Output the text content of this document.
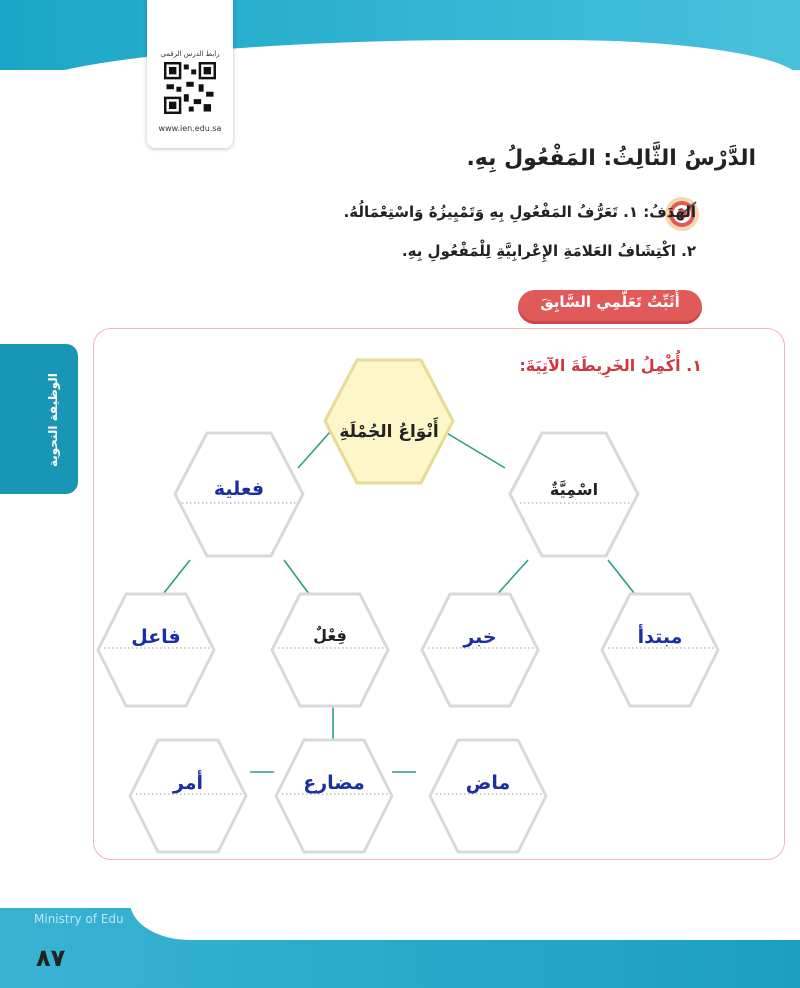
رابط الدرس الرقمي
www.ien.edu.sa
الوظيفة النحوية
الدَّرْسُ الثَّالِثُ: المَفْعُولُ بِهِ.
الهَدَفُ: ١. تَعَرُّفُ المَفْعُولِ بِهِ وَتَمْيِيزُهُ وَاسْتِعْمَالُهُ.
٢. اكْتِشَافُ العَلامَةِ الإِعْرابِيَّةِ لِلْمَفْعُولِ بِهِ.
أُثَبِّتُ تَعَلُّمِي السَّابِقَ
١. أُكْمِلُ الخَرِيطَةَ الآتِيَةَ:
أَنْوَاعُ الجُمْلَةِ
اسْمِيَّةٌ
فعلية
مبتدأ
خبر
فِعْلٌ
فاعل
ماض
مضارع
أمر
Ministry of Edu
٨٧
